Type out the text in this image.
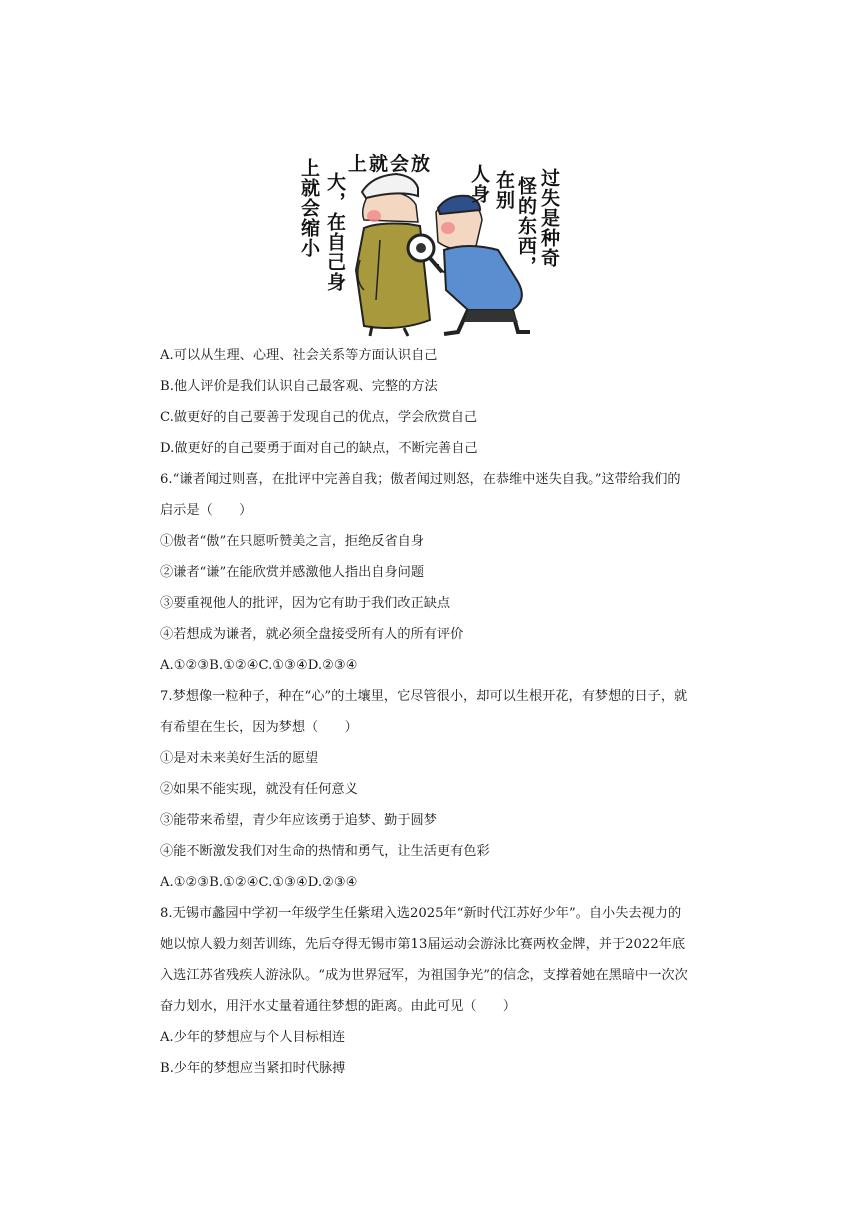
过失是种奇
怪的东西，
在别
人身
上就会放
大，在自己身
上就会缩小
A.可以从生理、心理、社会关系等方面认识自己
B.他人评价是我们认识自己最客观、完整的方法
C.做更好的自己要善于发现自己的优点，学会欣赏自己
D.做更好的自己要勇于面对自己的缺点，不断完善自己
6.“谦者闻过则喜，在批评中完善自我；傲者闻过则怒，在恭维中迷失自我。”这带给我们的
启示是（　　）
①傲者“傲”在只愿听赞美之言，拒绝反省自身
②谦者“谦”在能欣赏并感激他人指出自身问题
③要重视他人的批评，因为它有助于我们改正缺点
④若想成为谦者，就必须全盘接受所有人的所有评价
A.①②③B.①②④C.①③④D.②③④
7.梦想像一粒种子，种在“心”的土壤里，它尽管很小，却可以生根开花，有梦想的日子，就
有希望在生长，因为梦想（　　）
①是对未来美好生活的愿望
②如果不能实现，就没有任何意义
③能带来希望，青少年应该勇于追梦、勤于圆梦
④能不断激发我们对生命的热情和勇气，让生活更有色彩
A.①②③B.①②④C.①③④D.②③④
8.无锡市蠡园中学初一年级学生任紫珺入选2025年“新时代江苏好少年”。自小失去视力的
她以惊人毅力刻苦训练，先后夺得无锡市第13届运动会游泳比赛两枚金牌，并于2022年底
入选江苏省残疾人游泳队。“成为世界冠军，为祖国争光”的信念，支撑着她在黑暗中一次次
奋力划水，用汗水丈量着通往梦想的距离。由此可见（　　）
A.少年的梦想应与个人目标相连
B.少年的梦想应当紧扣时代脉搏
